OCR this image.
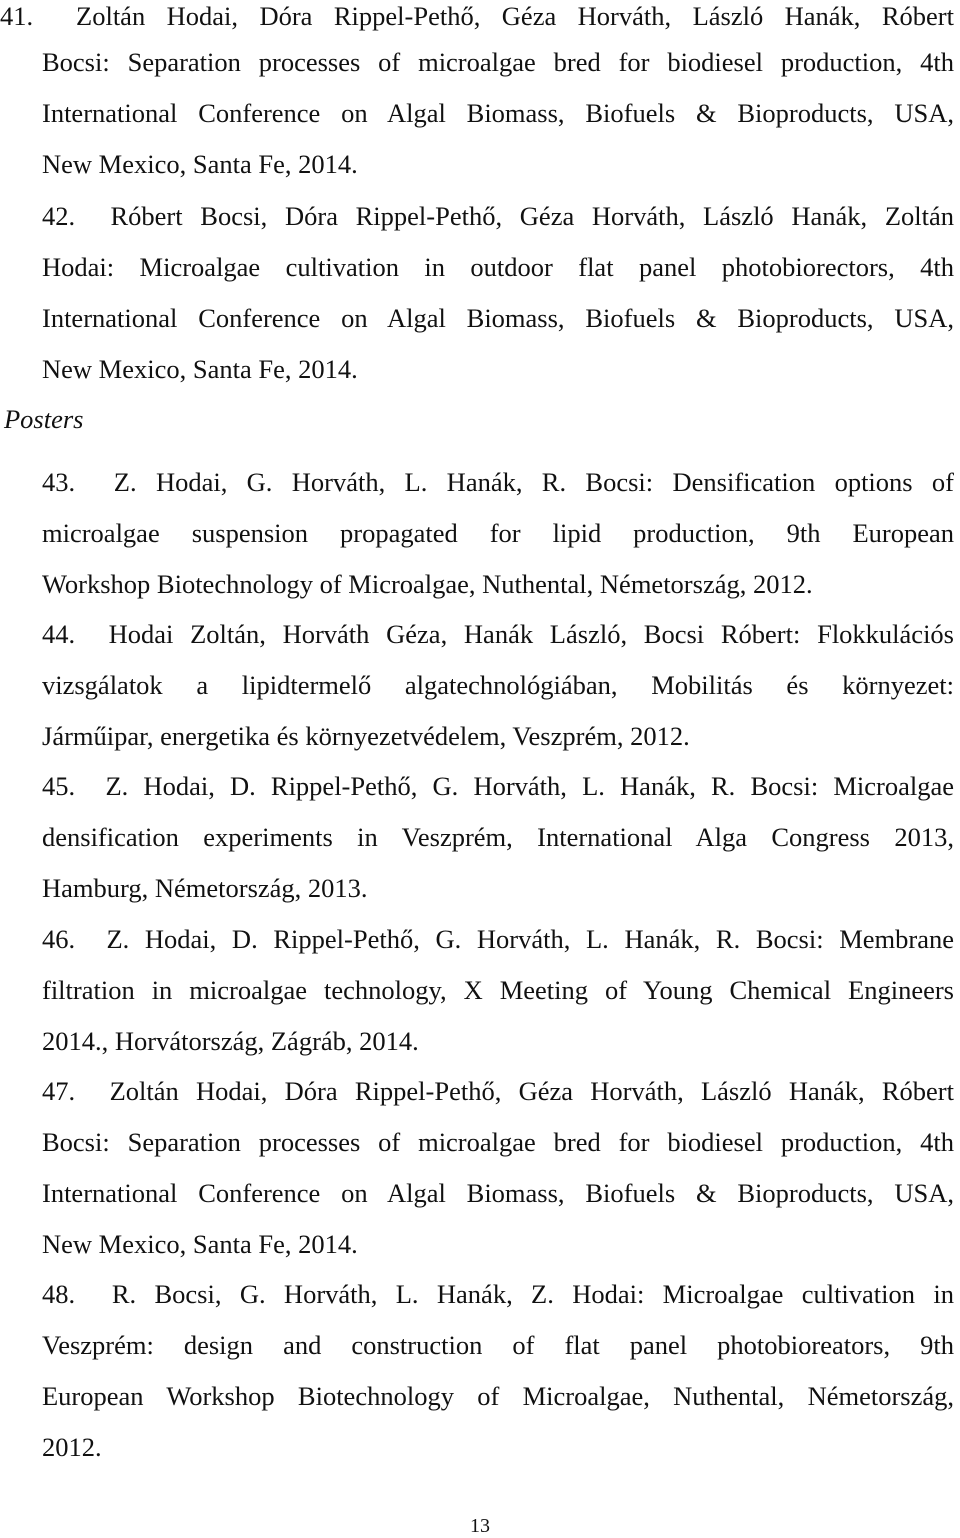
41. Zoltán Hodai, Dóra Rippel-Pethő, Géza Horváth, László Hanák, Róbert
Bocsi: Separation processes of microalgae bred for biodiesel production, 4th
International Conference on Algal Biomass, Biofuels & Bioproducts, USA,
New Mexico, Santa Fe, 2014.
42. Róbert Bocsi, Dóra Rippel-Pethő, Géza Horváth, László Hanák, Zoltán
Hodai: Microalgae cultivation in outdoor flat panel photobiorectors, 4th
International Conference on Algal Biomass, Biofuels & Bioproducts, USA,
New Mexico, Santa Fe, 2014.
Posters
43. Z. Hodai, G. Horváth, L. Hanák, R. Bocsi: Densification options of
microalgae suspension propagated for lipid production, 9th European
Workshop Biotechnology of Microalgae, Nuthental, Németország, 2012.
44. Hodai Zoltán, Horváth Géza, Hanák László, Bocsi Róbert: Flokkulációs
vizsgálatok a lipidtermelő algatechnológiában, Mobilitás és környezet:
Járműipar, energetika és környezetvédelem, Veszprém, 2012.
45. Z. Hodai, D. Rippel-Pethő, G. Horváth, L. Hanák, R. Bocsi: Microalgae
densification experiments in Veszprém, International Alga Congress 2013,
Hamburg, Németország, 2013.
46. Z. Hodai, D. Rippel-Pethő, G. Horváth, L. Hanák, R. Bocsi: Membrane
filtration in microalgae technology, X Meeting of Young Chemical Engineers
2014., Horvátország, Zágráb, 2014.
47. Zoltán Hodai, Dóra Rippel-Pethő, Géza Horváth, László Hanák, Róbert
Bocsi: Separation processes of microalgae bred for biodiesel production, 4th
International Conference on Algal Biomass, Biofuels & Bioproducts, USA,
New Mexico, Santa Fe, 2014.
48. R. Bocsi, G. Horváth, L. Hanák, Z. Hodai: Microalgae cultivation in
Veszprém: design and construction of flat panel photobioreators, 9th
European Workshop Biotechnology of Microalgae, Nuthental, Németország,
2012.
13
